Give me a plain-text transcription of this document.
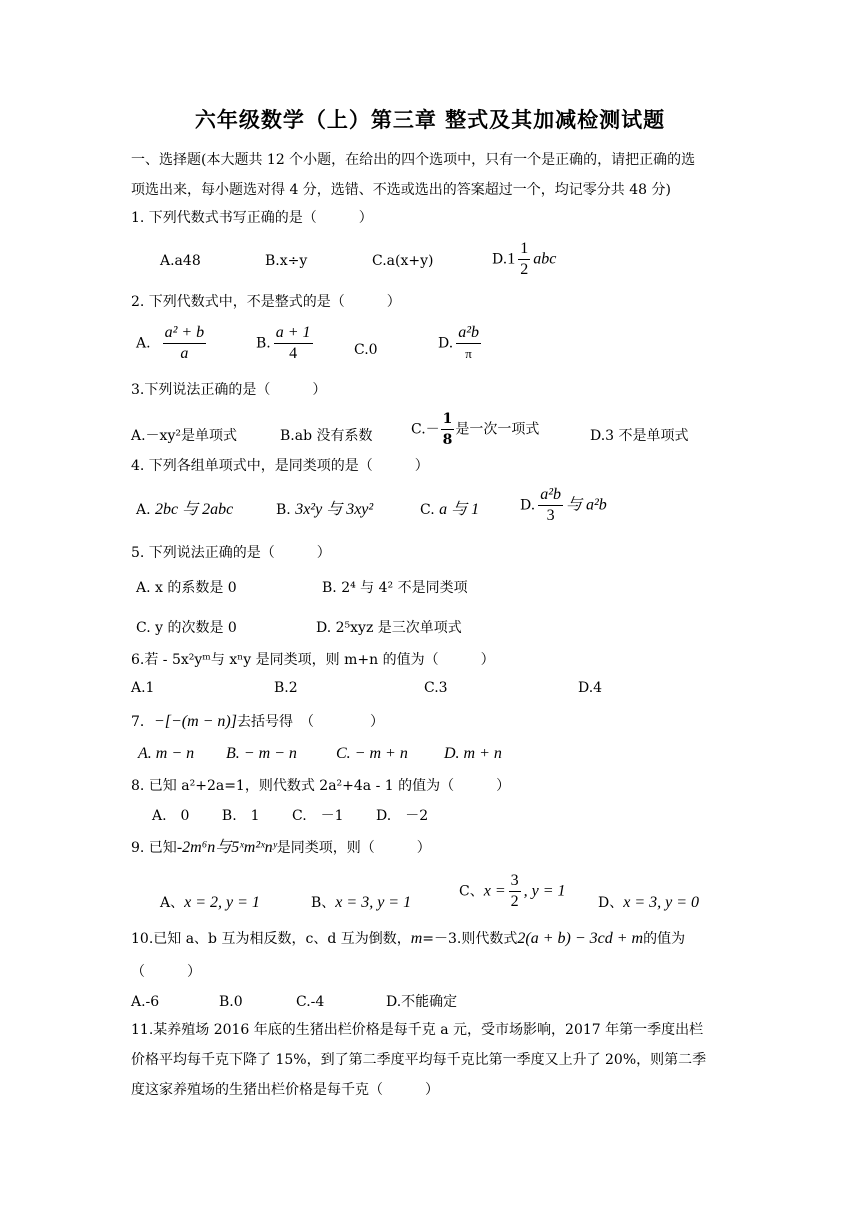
六年级数学（上）第三章 整式及其加减检测试题
一、选择题(本大题共 12 个小题，在给出的四个选项中，只有一个是正确的，请把正确的选
项选出来，每小题选对得 4 分，选错、不选或选出的答案超过一个，均记零分共 48 分)
1. 下列代数式书写正确的是（　　　）
A.a48	B.x÷y	C.a(x+y)	$D.1 \frac{1}{2}$ abc
2. 下列代数式中，不是整式的是（　　　）
A. $\frac{\text{a² + b}}{a}$	B. $\frac{a + 1}{4}$	C.0	D. $\frac{\text{a²b}}{\pi}$
3.下列说法正确的是（　　　）
A.－xy²是单项式	B.ab 没有系数	$C.- \frac{1}{8}$ 是一次一项式	D.3 不是单项式
4. 下列各组单项式中，是同类项的是（　　　）
A. 2bc 与 2abc	B. 3x²y 与 3xy²	C. a 与 1	D. $\frac{\text{a²b}}{3}$ 与 a²b
5. 下列说法正确的是（　　　）
A. x 的系数是 0	B. 2⁴ 与 4² 不是同类项
C. y 的次数是 0	D. 2⁵xyz 是三次单项式
6.若 - 5x²yᵐ与 xⁿy 是同类项，则 m+n 的值为（　　　）
A.1	B.2	C.3	D.4
7．−[−(m − n)]去括号得　（　　　　）
A. m − n B. − m − n C. − m + n D. m + n
8. 已知 a²+2a=1，则代数式 2a²+4a - 1 的值为（　　　）
A.　0　　 B.　1　　 C.　－1　　 D.　－2
9. 已知-2m⁶n与5ˣm²ˣnʸ是同类项，则（　　　）
A、x = 2, y = 1	B、x = 3, y = 1
C、$x = \frac{3}{2}$ , y = 1
D、x = 3, y = 0
10.已知 a、b 互为相反数，c、d 互为倒数，m=－3.则代数式2(a + b) − 3cd + m的值为
（　　　）
A.-6	B.0	C.-4	D.不能确定
11.某养殖场 2016 年底的生猪出栏价格是每千克 a 元，受市场影响，2017 年第一季度出栏
价格平均每千克下降了 15%，到了第二季度平均每千克比第一季度又上升了 20%，则第二季
度这家养殖场的生猪出栏价格是每千克（　　　）
